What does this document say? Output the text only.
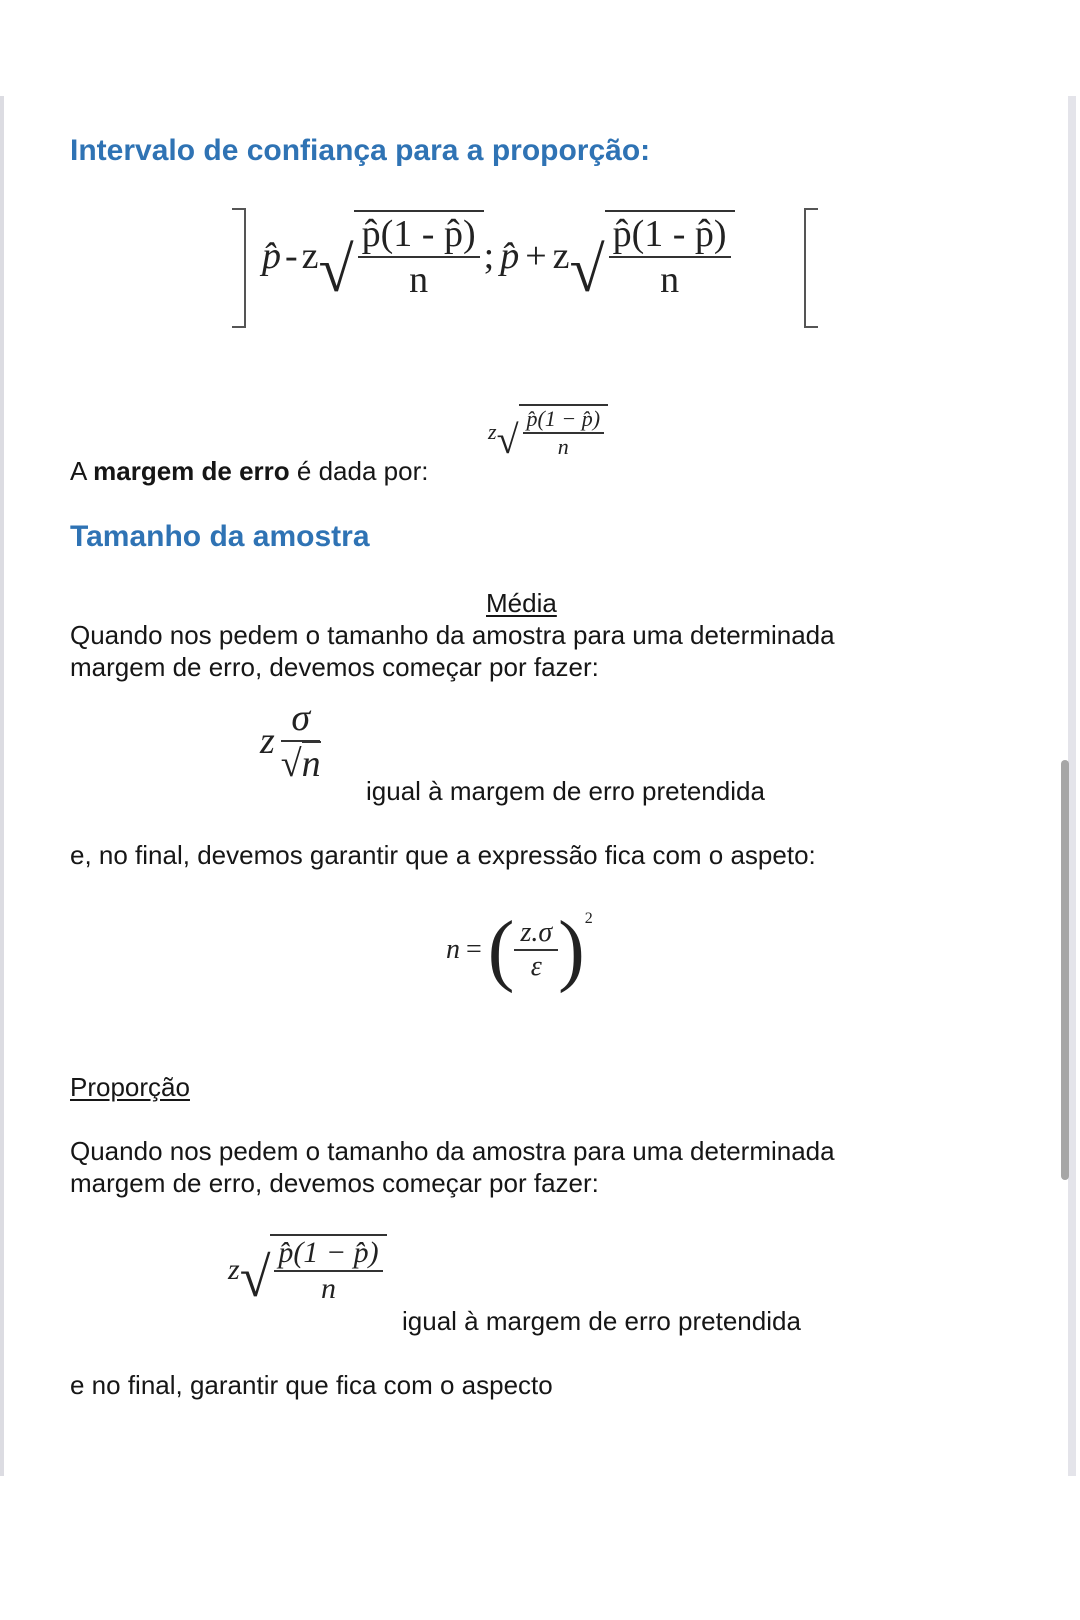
Intervalo de confiança para a proporção:
p̂ - z √ $\frac{p̂(1 - p̂)}{n}$ ; p̂ + z √ $\frac{p̂(1 - p̂)}{n}$
A margem de erro é dada por:
z √ $\frac{p̂(1 - p̂)}{n}$
Tamanho da amostra
Média
Quando nos pedem o tamanho da amostra para uma determinada
margem de erro, devemos começar por fazer:
z $\frac{\sigma}{√n}$
igual à margem de erro pretendida
e, no final, devemos garantir que a expressão fica com o aspeto:
n = ( $\frac{z.\sigma}{\varepsilon}$ ) 2
Proporção
Quando nos pedem o tamanho da amostra para uma determinada
margem de erro, devemos começar por fazer:
z √ $\frac{p̂(1 - p̂)}{n}$
igual à margem de erro pretendida
e no final, garantir que fica com o aspecto
